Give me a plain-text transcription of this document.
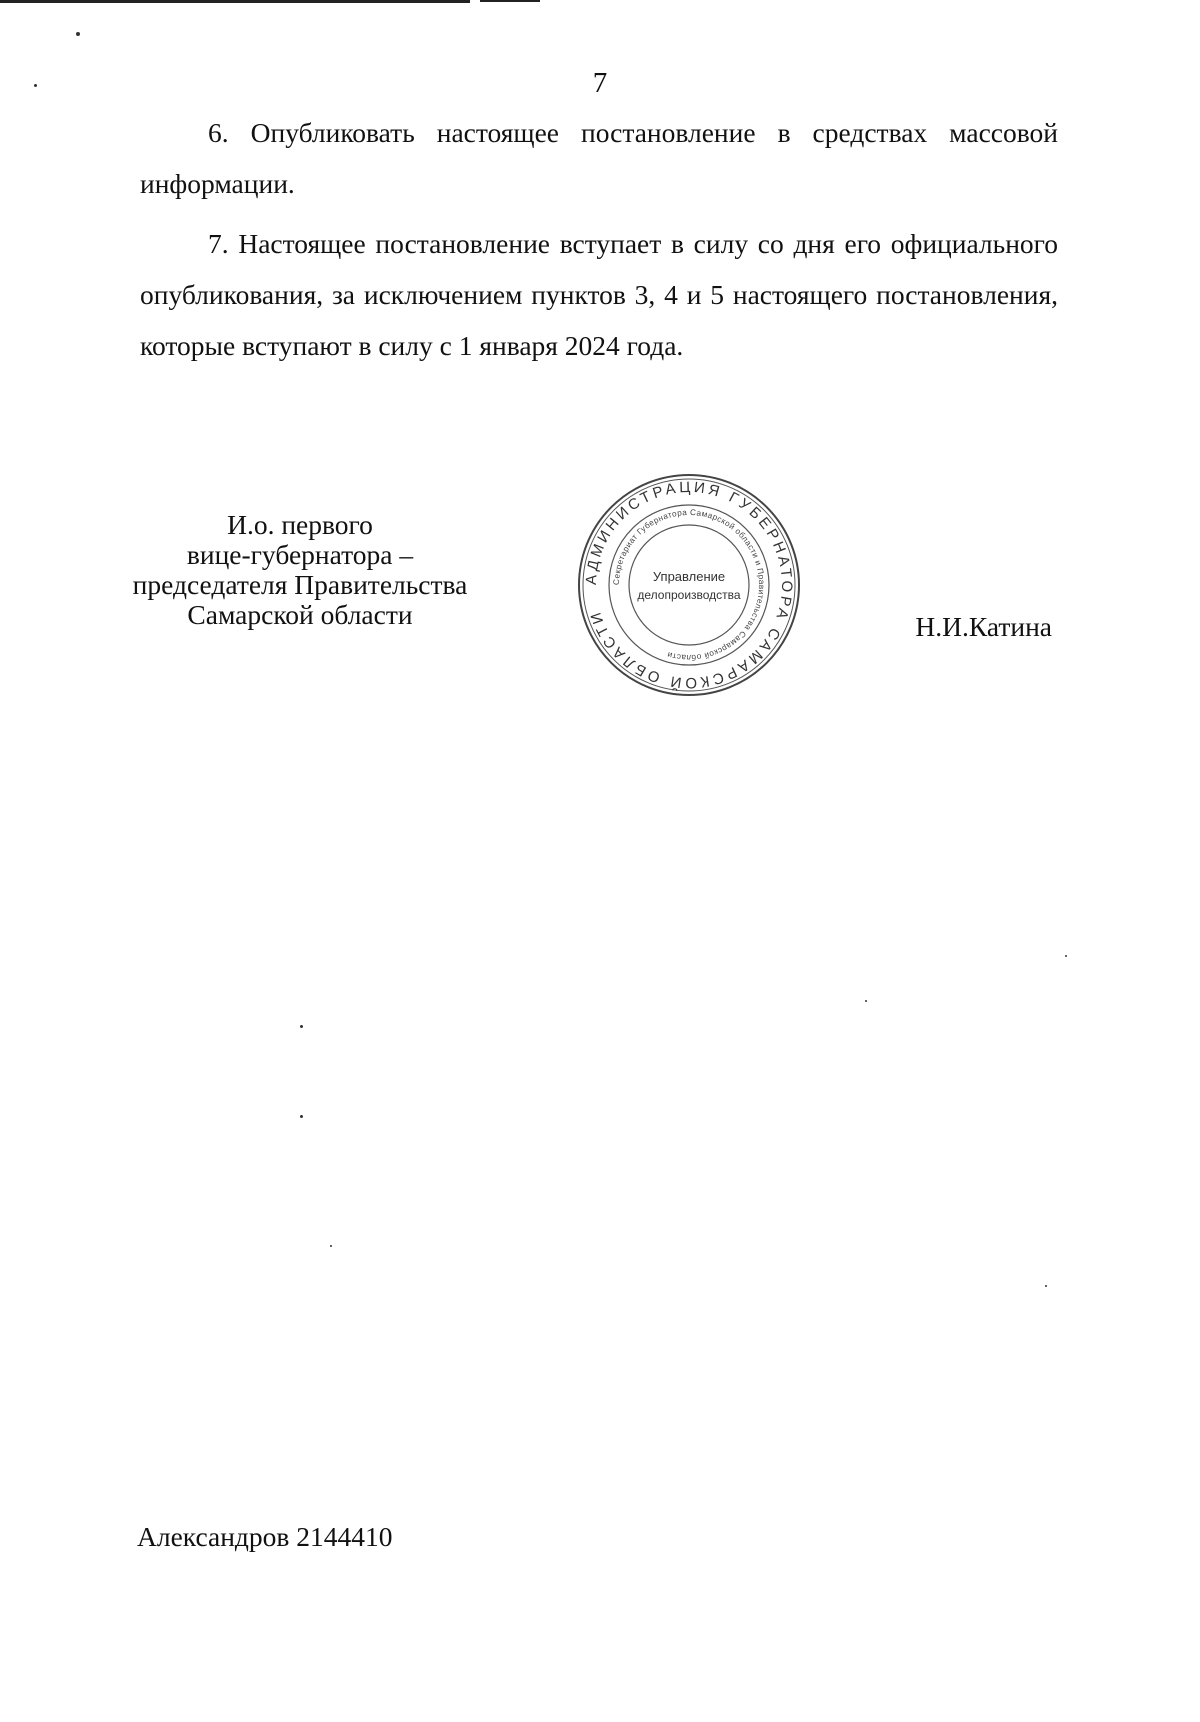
7

6. Опубликовать настоящее постановление в средствах массовой информации.

7. Настоящее постановление вступает в силу со дня его официального опубликования, за исключением пунктов 3, 4 и 5 настоящего постановления, которые вступают в силу с 1 января 2024 года.

И.о. первого
вице-губернатора –
председателя Правительства
Самарской области
АДМИНИСТРАЦИЯ ГУБЕРНАТОРА САМАРСКОЙ ОБЛАСТИ
Секретариат Губернатора Самарской области и Правительства Самарской области
Управление
делопроизводства
Н.И.Катина
Александров 2144410
